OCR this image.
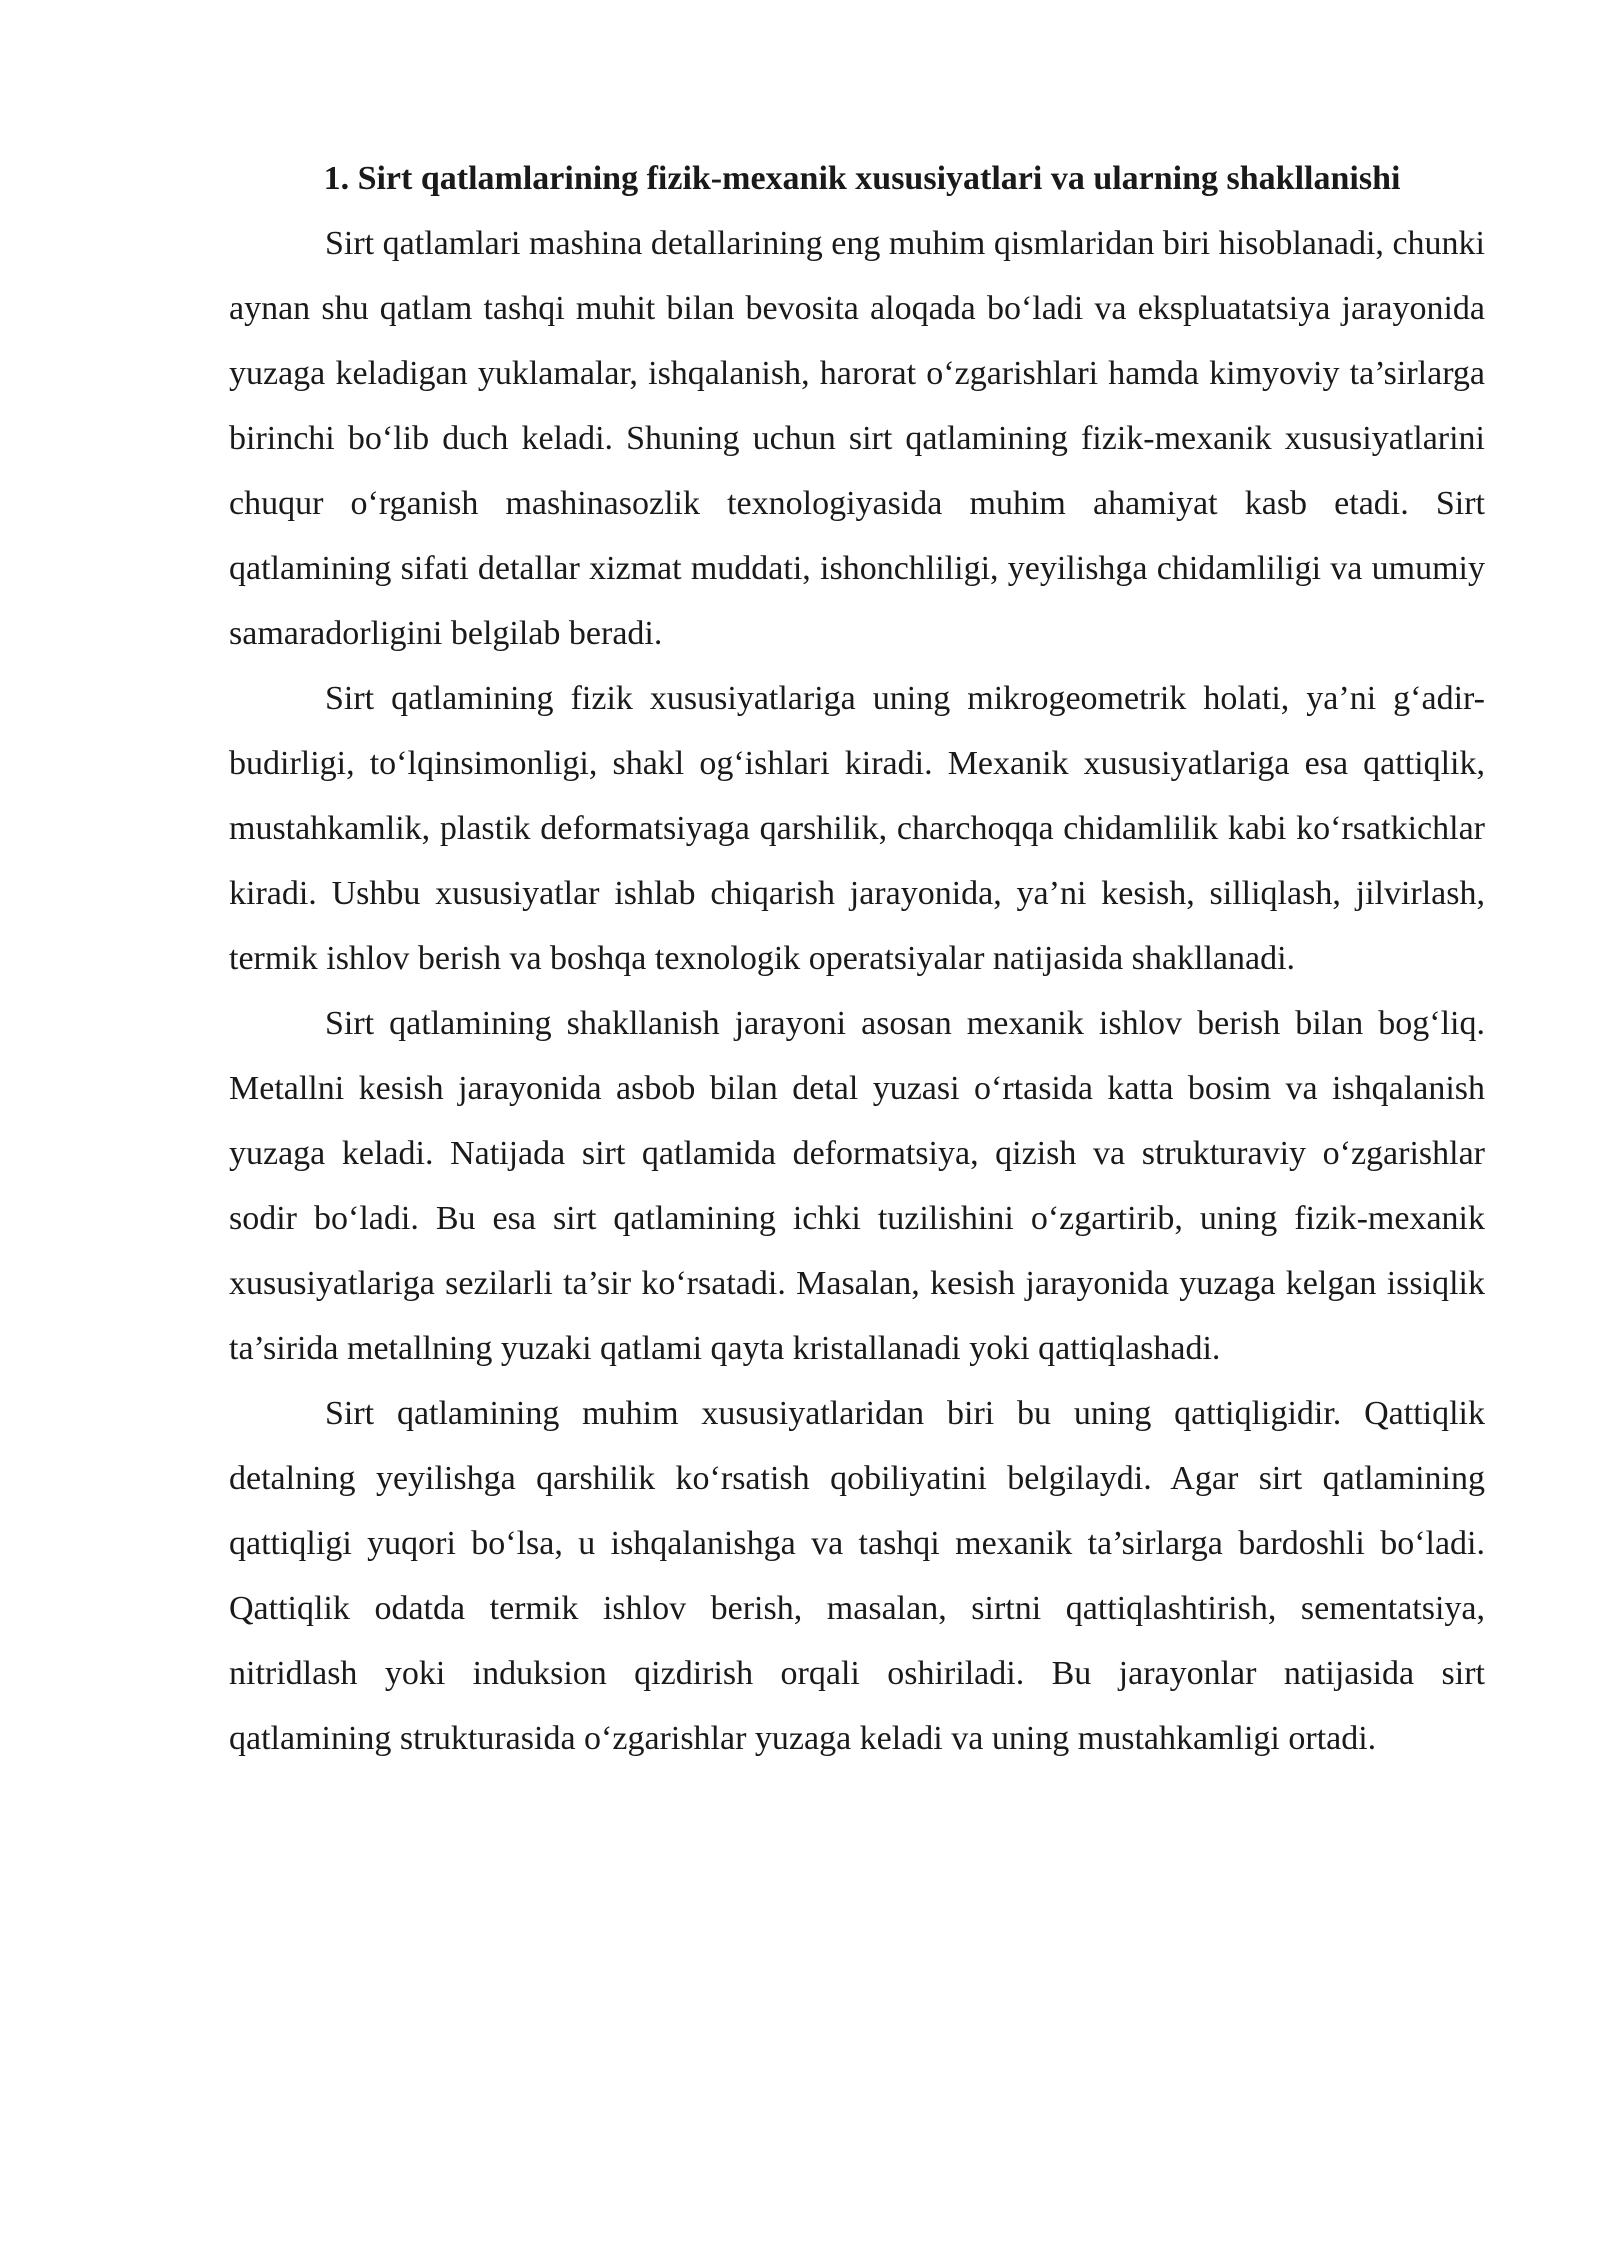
1. Sirt qatlamlarining fizik-mexanik xususiyatlari va ularning shakllanishi

Sirt qatlamlari mashina detallarining eng muhim qismlaridan biri hisoblanadi, chunki aynan shu qatlam tashqi muhit bilan bevosita aloqada bo‘ladi va ekspluatatsiya jarayonida yuzaga keladigan yuklamalar, ishqalanish, harorat o‘zgarishlari hamda kimyoviy ta’sirlarga birinchi bo‘lib duch keladi. Shuning uchun sirt qatlamining fizik-mexanik xususiyatlarini chuqur o‘rganish mashinasozlik texnologiyasida muhim ahamiyat kasb etadi. Sirt qatlamining sifati detallar xizmat muddati, ishonchliligi, yeyilishga chidamliligi va umumiy samaradorligini belgilab beradi.

Sirt qatlamining fizik xususiyatlariga uning mikrogeometrik holati, ya’ni g‘adir-budirligi, to‘lqinsimonligi, shakl og‘ishlari kiradi. Mexanik xususiyatlariga esa qattiqlik, mustahkamlik, plastik deformatsiyaga qarshilik, charchoqqa chidamlilik kabi ko‘rsatkichlar kiradi. Ushbu xususiyatlar ishlab chiqarish jarayonida, ya’ni kesish, silliqlash, jilvirlash, termik ishlov berish va boshqa texnologik operatsiyalar natijasida shakllanadi.

Sirt qatlamining shakllanish jarayoni asosan mexanik ishlov berish bilan bog‘liq. Metallni kesish jarayonida asbob bilan detal yuzasi o‘rtasida katta bosim va ishqalanish yuzaga keladi. Natijada sirt qatlamida deformatsiya, qizish va strukturaviy o‘zgarishlar sodir bo‘ladi. Bu esa sirt qatlamining ichki tuzilishini o‘zgartirib, uning fizik-mexanik xususiyatlariga sezilarli ta’sir ko‘rsatadi. Masalan, kesish jarayonida yuzaga kelgan issiqlik ta’sirida metallning yuzaki qatlami qayta kristallanadi yoki qattiqlashadi.

Sirt qatlamining muhim xususiyatlaridan biri bu uning qattiqligidir. Qattiqlik detalning yeyilishga qarshilik ko‘rsatish qobiliyatini belgilaydi. Agar sirt qatlamining qattiqligi yuqori bo‘lsa, u ishqalanishga va tashqi mexanik ta’sirlarga bardoshli bo‘ladi. Qattiqlik odatda termik ishlov berish, masalan, sirtni qattiqlashtirish, sementatsiya, nitridlash yoki induksion qizdirish orqali oshiriladi. Bu jarayonlar natijasida sirt qatlamining strukturasida o‘zgarishlar yuzaga keladi va uning mustahkamligi ortadi.
